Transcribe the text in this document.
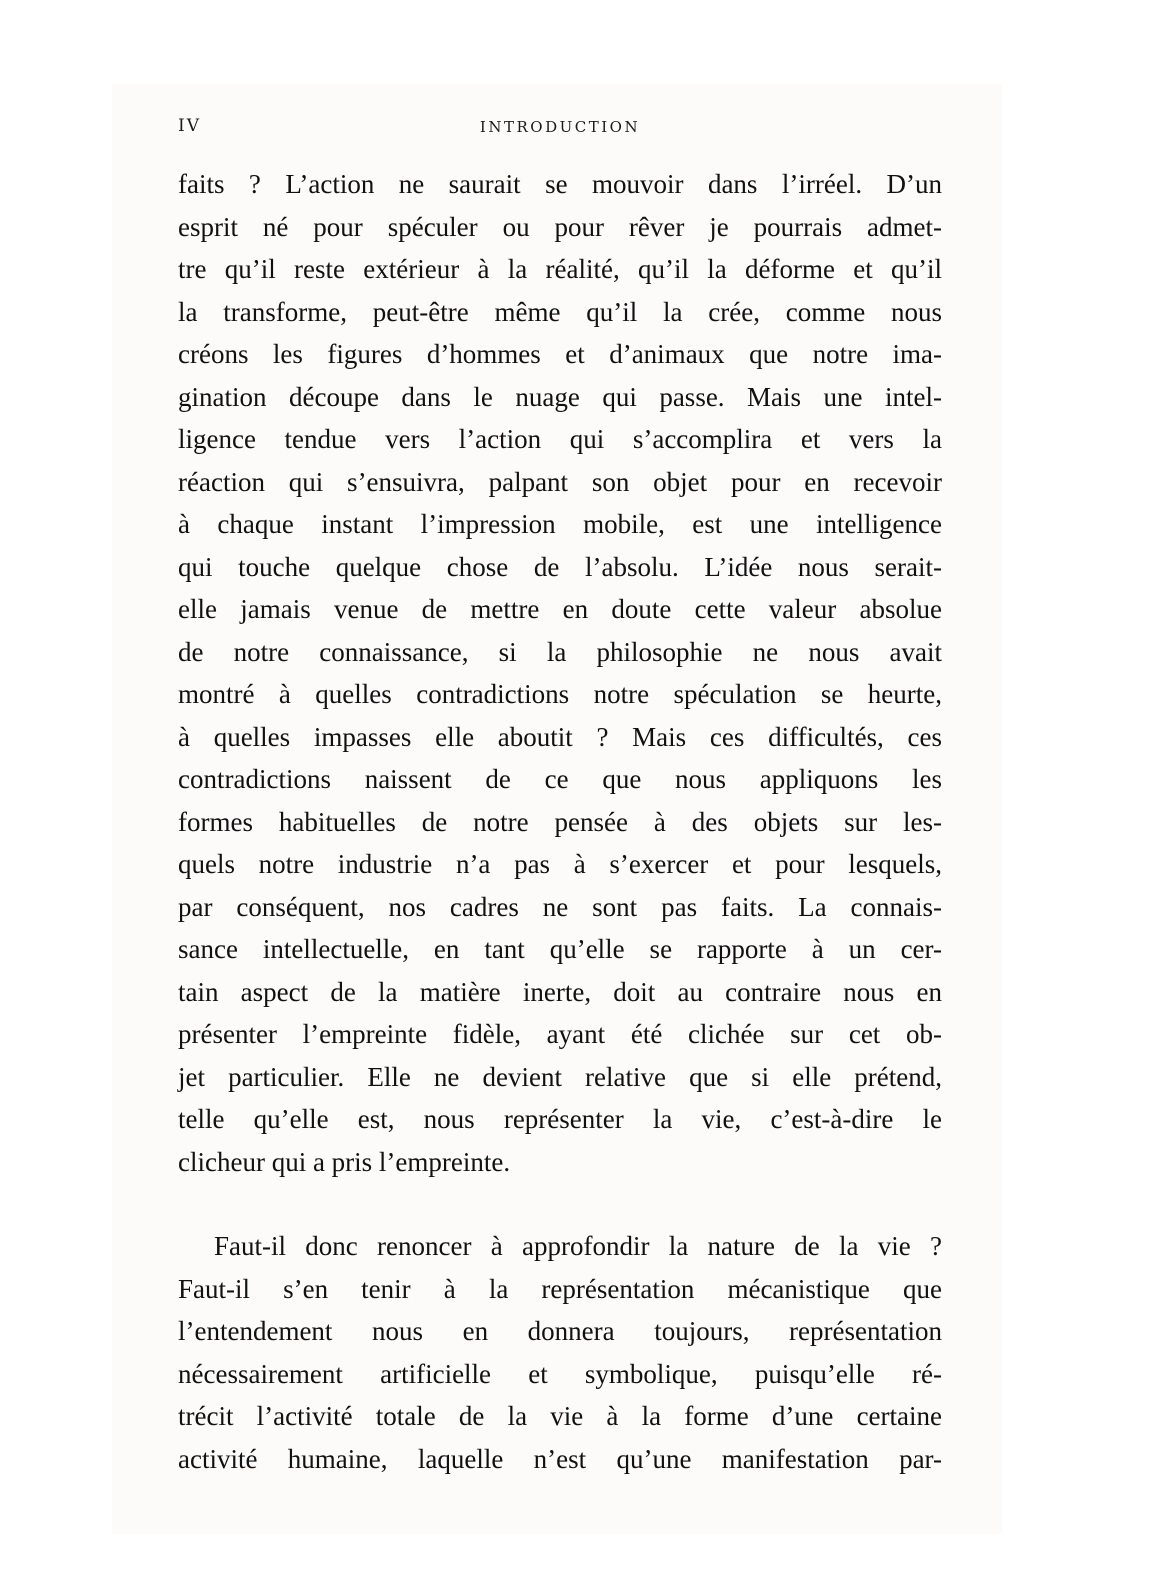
IV	INTRODUCTION
faits ? L’action ne saurait se mouvoir dans l’irréel. D’un
esprit né pour spéculer ou pour rêver je pourrais admet-
tre qu’il reste extérieur à la réalité, qu’il la déforme et qu’il
la transforme, peut-être même qu’il la crée, comme nous
créons les figures d’hommes et d’animaux que notre ima-
gination découpe dans le nuage qui passe. Mais une intel-
ligence tendue vers l’action qui s’accomplira et vers la
réaction qui s’ensuivra, palpant son objet pour en recevoir
à chaque instant l’impression mobile, est une intelligence
qui touche quelque chose de l’absolu. L’idée nous serait-
elle jamais venue de mettre en doute cette valeur absolue
de notre connaissance, si la philosophie ne nous avait
montré à quelles contradictions notre spéculation se heurte,
à quelles impasses elle aboutit ? Mais ces difficultés, ces
contradictions naissent de ce que nous appliquons les
formes habituelles de notre pensée à des objets sur les-
quels notre industrie n’a pas à s’exercer et pour lesquels,
par conséquent, nos cadres ne sont pas faits. La connais-
sance intellectuelle, en tant qu’elle se rapporte à un cer-
tain aspect de la matière inerte, doit au contraire nous en
présenter l’empreinte fidèle, ayant été clichée sur cet ob-
jet particulier. Elle ne devient relative que si elle prétend,
telle qu’elle est, nous représenter la vie, c’est-à-dire le
clicheur qui a pris l’empreinte.
Faut-il donc renoncer à approfondir la nature de la vie ?
Faut-il s’en tenir à la représentation mécanistique que
l’entendement nous en donnera toujours, représentation
nécessairement artificielle et symbolique, puisqu’elle ré-
trécit l’activité totale de la vie à la forme d’une certaine
activité humaine, laquelle n’est qu’une manifestation par-
